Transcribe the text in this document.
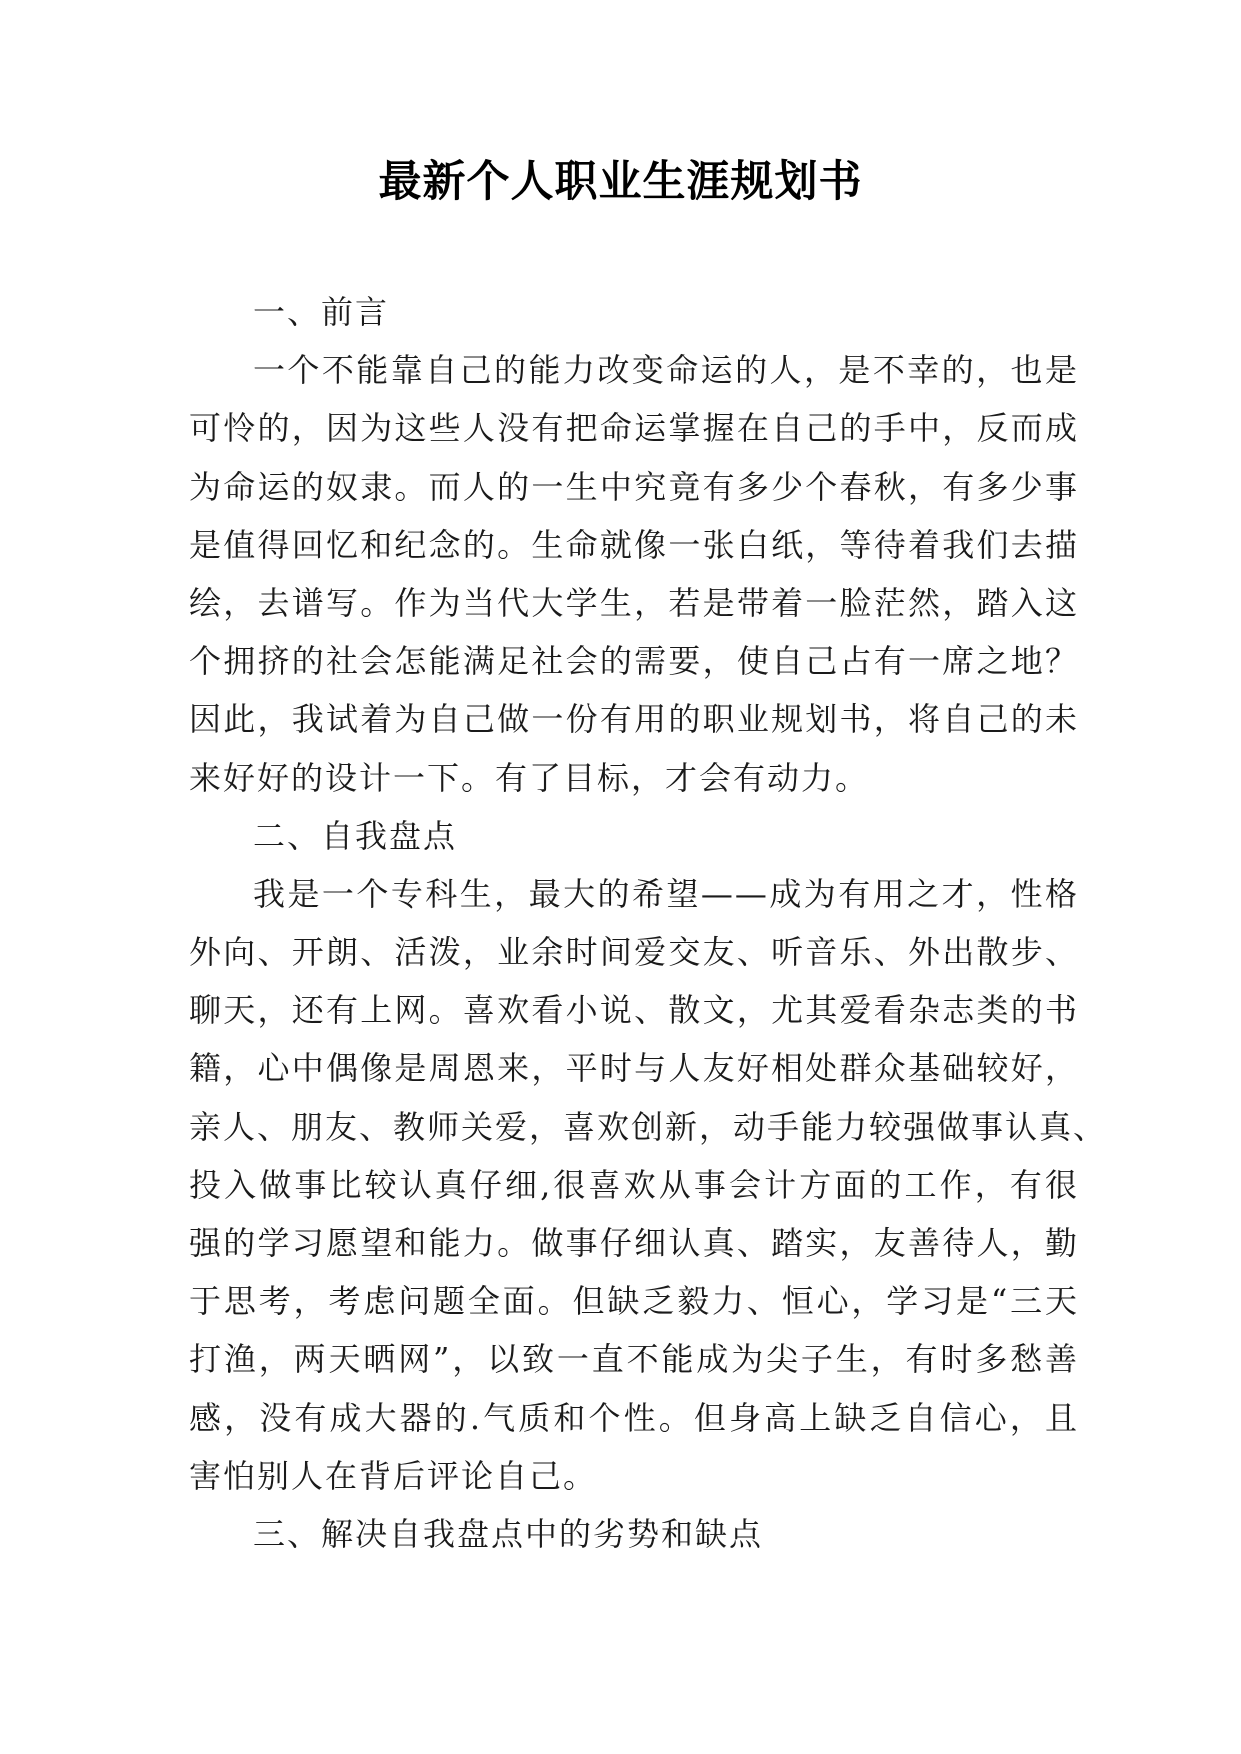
最新个人职业生涯规划书
一、前言
一个不能靠自己的能力改变命运的人，是不幸的，也是
可怜的，因为这些人没有把命运掌握在自己的手中，反而成
为命运的奴隶。而人的一生中究竟有多少个春秋，有多少事
是值得回忆和纪念的。生命就像一张白纸，等待着我们去描
绘，去谱写。作为当代大学生，若是带着一脸茫然，踏入这
个拥挤的社会怎能满足社会的需要，使自己占有一席之地？
因此，我试着为自己做一份有用的职业规划书，将自己的未
来好好的设计一下。有了目标，才会有动力。
二、自我盘点
我是一个专科生，最大的希望——成为有用之才，性格
外向、开朗、活泼，业余时间爱交友、听音乐、外出散步、
聊天，还有上网。喜欢看小说、散文，尤其爱看杂志类的书
籍，心中偶像是周恩来，平时与人友好相处群众基础较好，
亲人、朋友、教师关爱，喜欢创新，动手能力较强做事认真、
投入做事比较认真仔细,很喜欢从事会计方面的工作，有很
强的学习愿望和能力。做事仔细认真、踏实，友善待人，勤
于思考，考虑问题全面。但缺乏毅力、恒心，学习是“三天
打渔，两天晒网”，以致一直不能成为尖子生，有时多愁善
感，没有成大器的.气质和个性。但身高上缺乏自信心，且
害怕别人在背后评论自己。
三、解决自我盘点中的劣势和缺点
